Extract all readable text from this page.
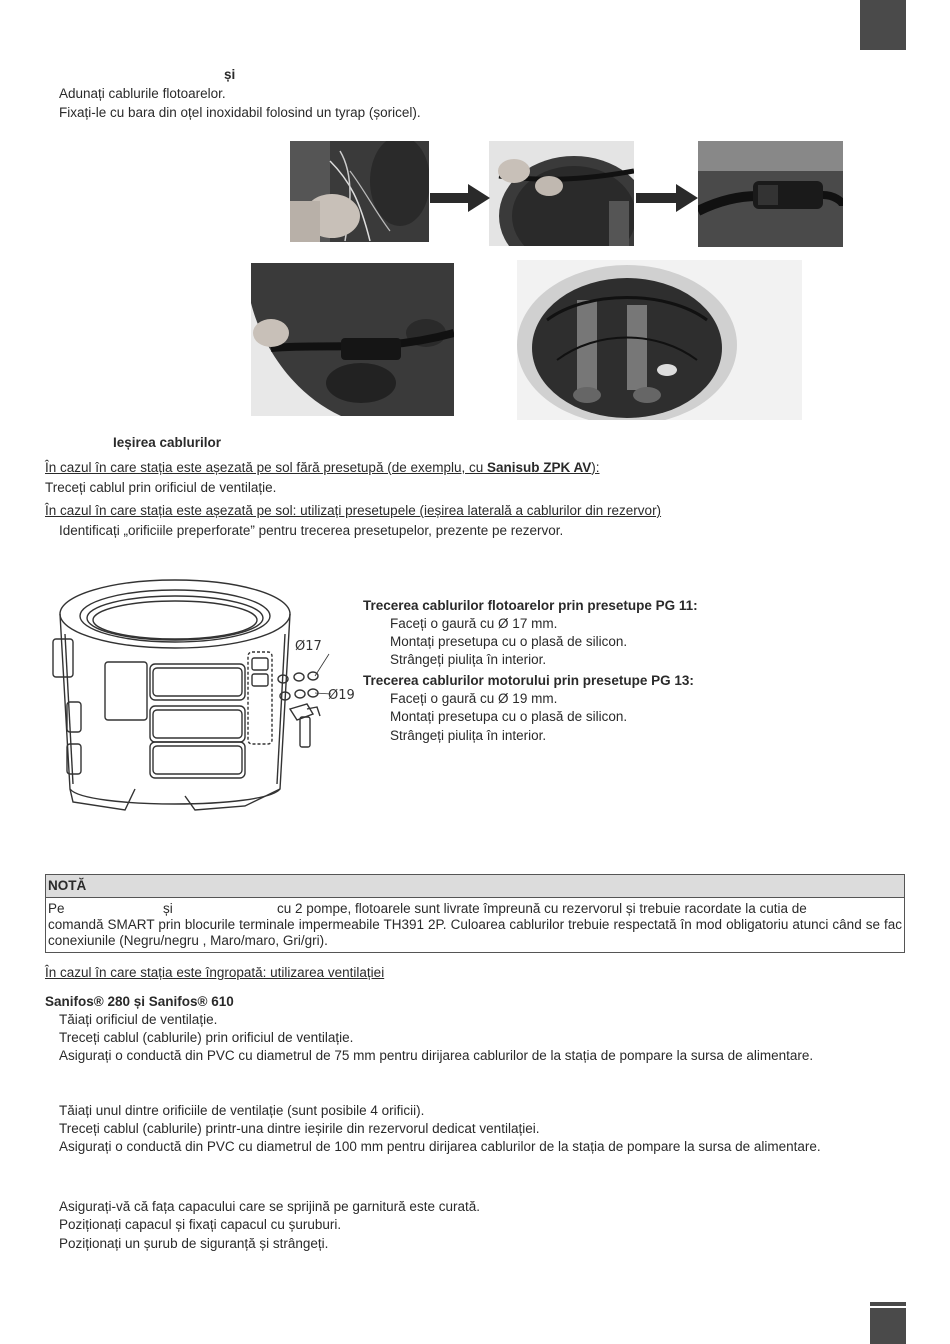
și
Adunați cablurile flotoarelor.
Fixați-le cu bara din oțel inoxidabil folosind un tyrap (șoricel).
Ieșirea cablurilor
În cazul în care stația este așezată pe sol fără presetupă (de exemplu, cu Sanisub ZPK AV):
Treceți cablul prin orificiul de ventilație.
În cazul în care stația este așezată pe sol: utilizați presetupele (ieșirea laterală a cablurilor din rezervor)
Identificați „orificiile preperforate” pentru trecerea presetupelor, prezente pe rezervor.
Ø17
Ø19
Trecerea cablurilor flotoarelor prin presetupe PG 11:
Faceți o gaură cu Ø 17 mm.
Montați presetupa cu o plasă de silicon.
Strângeți piulița în interior.
Trecerea cablurilor motorului prin presetupe PG 13:
Faceți o gaură cu Ø 19 mm.
Montați presetupa cu o plasă de silicon.
Strângeți piulița în interior.
NOTĂ
Pe	și	cu 2 pompe, flotoarele sunt livrate împreună cu rezervorul și trebuie racordate la cutia de
comandă SMART prin blocurile terminale impermeabile TH391 2P. Culoarea cablurilor trebuie respectată în mod obligatoriu atunci când se fac conexiunile (Negru/negru , Maro/maro, Gri/gri).
În cazul în care stația este îngropată: utilizarea ventilației
Sanifos® 280 și Sanifos® 610
Tăiați orificiul de ventilație.
Treceți cablul (cablurile) prin orificiul de ventilație.
Asigurați o conductă din PVC cu diametrul de 75 mm pentru dirijarea cablurilor de la stația de pompare la sursa de alimentare.
Tăiați unul dintre orificiile de ventilație (sunt posibile 4 orificii).
Treceți cablul (cablurile) printr-una dintre ieșirile din rezervorul dedicat ventilației.
Asigurați o conductă din PVC cu diametrul de 100 mm pentru dirijarea cablurilor de la stația de pompare la sursa de alimentare.
Asigurați-vă că fața capacului care se sprijină pe garnitură este curată.
Poziționați capacul și fixați capacul cu șuruburi.
Poziționați un șurub de siguranță și strângeți.
